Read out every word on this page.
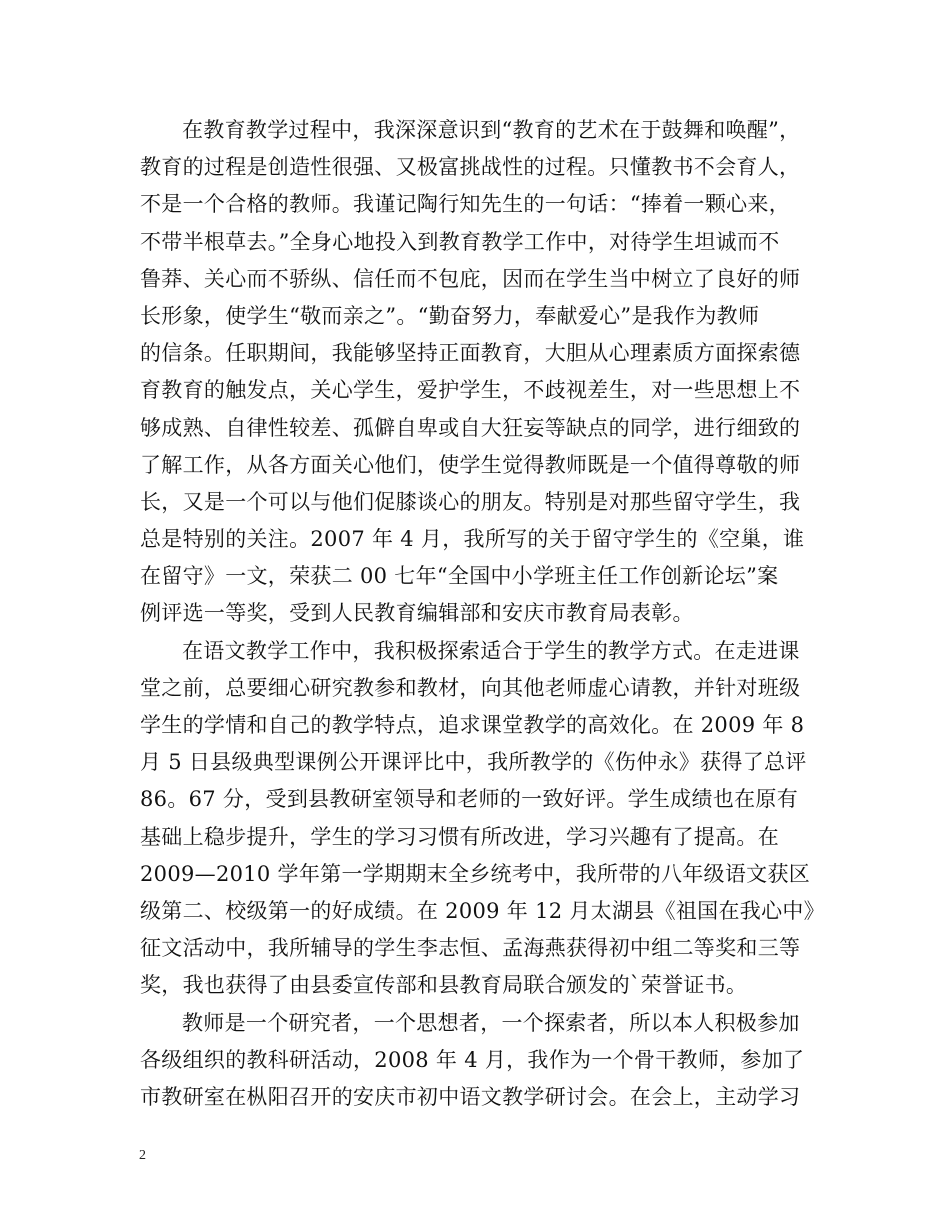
在教育教学过程中，我深深意识到“教育的艺术在于鼓舞和唤醒”，
教育的过程是创造性很强、又极富挑战性的过程。只懂教书不会育人，
不是一个合格的教师。我谨记陶行知先生的一句话：“捧着一颗心来，
不带半根草去。”全身心地投入到教育教学工作中，对待学生坦诚而不
鲁莽、关心而不骄纵、信任而不包庇，因而在学生当中树立了良好的师
长形象，使学生“敬而亲之”。“勤奋努力，奉献爱心”是我作为教师
的信条。任职期间，我能够坚持正面教育，大胆从心理素质方面探索德
育教育的触发点，关心学生，爱护学生，不歧视差生，对一些思想上不
够成熟、自律性较差、孤僻自卑或自大狂妄等缺点的同学，进行细致的
了解工作，从各方面关心他们，使学生觉得教师既是一个值得尊敬的师
长，又是一个可以与他们促膝谈心的朋友。特别是对那些留守学生，我
总是特别的关注。2007 年 4 月，我所写的关于留守学生的《空巢，谁
在留守》一文，荣获二 00 七年“全国中小学班主任工作创新论坛”案
例评选一等奖，受到人民教育编辑部和安庆市教育局表彰。

在语文教学工作中，我积极探索适合于学生的教学方式。在走进课
堂之前，总要细心研究教参和教材，向其他老师虚心请教，并针对班级
学生的学情和自己的教学特点，追求课堂教学的高效化。在 2009 年 8
月 5 日县级典型课例公开课评比中，我所教学的《伤仲永》获得了总评
86。67 分，受到县教研室领导和老师的一致好评。学生成绩也在原有
基础上稳步提升，学生的学习习惯有所改进，学习兴趣有了提高。在
2009—2010 学年第一学期期末全乡统考中，我所带的八年级语文获区
级第二、校级第一的好成绩。在 2009 年 12 月太湖县《祖国在我心中》
征文活动中，我所辅导的学生李志恒、孟海燕获得初中组二等奖和三等
奖，我也获得了由县委宣传部和县教育局联合颁发的`荣誉证书。

教师是一个研究者，一个思想者，一个探索者，所以本人积极参加
各级组织的教科研活动，2008 年 4 月，我作为一个骨干教师，参加了
市教研室在枞阳召开的安庆市初中语文教学研讨会。在会上，主动学习

2
